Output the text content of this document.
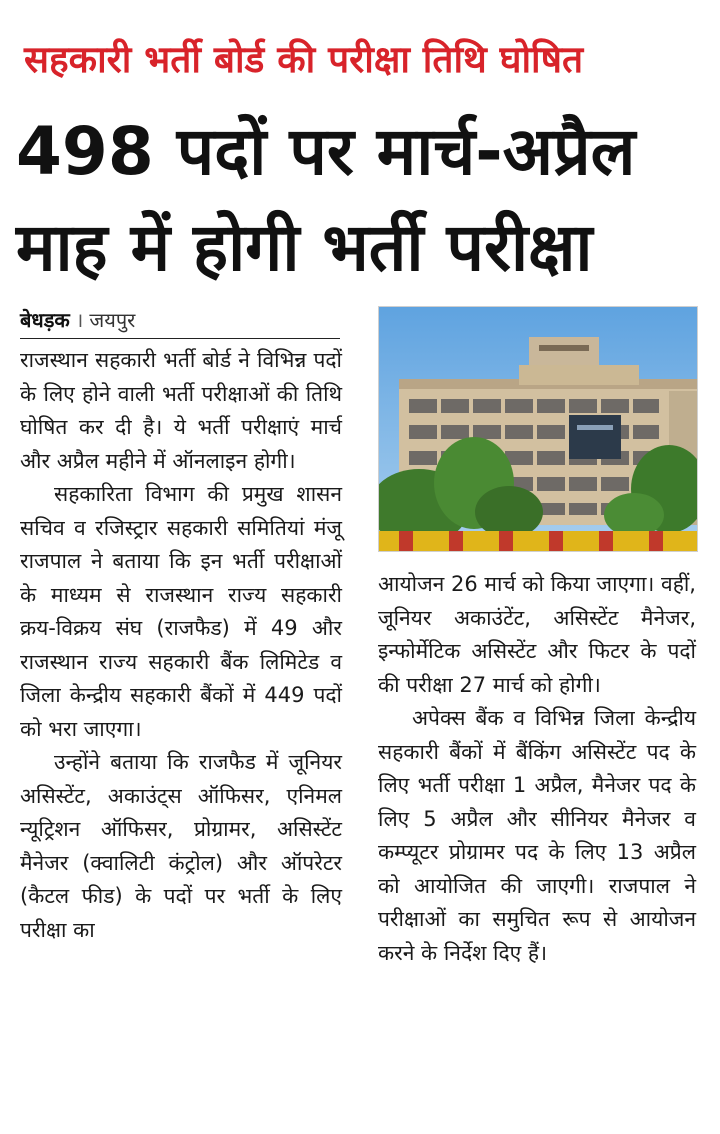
सहकारी भर्ती बोर्ड की परीक्षा तिथि घोषित
498 पदों पर मार्च-अप्रैल
माह में होगी भर्ती परीक्षा
बेधड़क । जयपुर

राजस्थान सहकारी भर्ती बोर्ड ने विभिन्न पदों के लिए होने वाली भर्ती परीक्षाओं की तिथि घोषित कर दी है। ये भर्ती परीक्षाएं मार्च और अप्रैल महीने में ऑनलाइन होगी।

सहकारिता विभाग की प्रमुख शासन सचिव व रजिस्ट्रार सहकारी समितियां मंजू राजपाल ने बताया कि इन भर्ती परीक्षाओं के माध्यम से राजस्थान राज्य सहकारी क्रय-विक्रय संघ (राजफैड) में 49 और राजस्थान राज्य सहकारी बैंक लिमिटेड व जिला केन्द्रीय सहकारी बैंकों में 449 पदों को भरा जाएगा।

उन्होंने बताया कि राजफैड में जूनियर असिस्टेंट, अकाउंट्स ऑफिसर, एनिमल न्यूट्रिशन ऑफिसर, प्रोग्रामर, असिस्टेंट मैनेजर (क्वालिटी कंट्रोल) और ऑपरेटर (कैटल फीड) के पदों पर भर्ती के लिए परीक्षा का

आयोजन 26 मार्च को किया जाएगा। वहीं, जूनियर अकाउंटेंट, असिस्टेंट मैनेजर, इन्फोर्मेटिक असिस्टेंट और फिटर के पदों की परीक्षा 27 मार्च को होगी।

अपेक्स बैंक व विभिन्न जिला केन्द्रीय सहकारी बैंकों में बैंकिंग असिस्टेंट पद के लिए भर्ती परीक्षा 1 अप्रैल, मैनेजर पद के लिए 5 अप्रैल और सीनियर मैनेजर व कम्प्यूटर प्रोग्रामर पद के लिए 13 अप्रैल को आयोजित की जाएगी। राजपाल ने परीक्षाओं का समुचित रूप से आयोजन करने के निर्देश दिए हैं।
